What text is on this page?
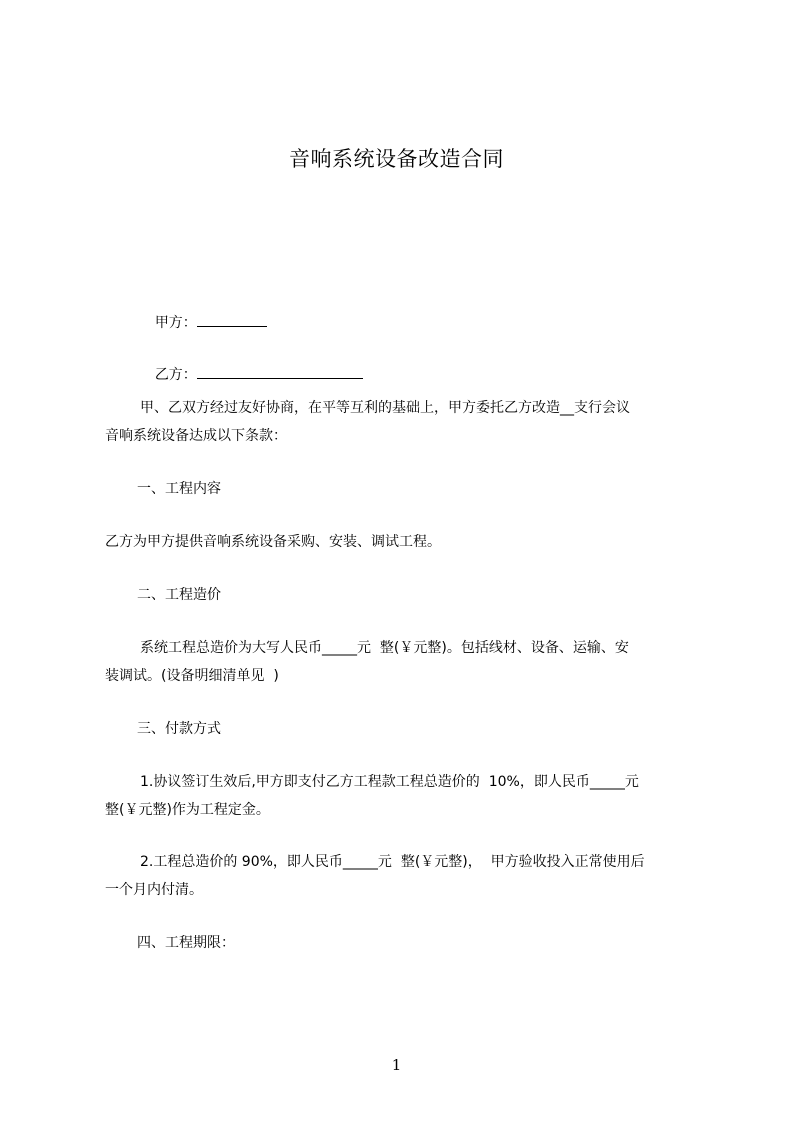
音响系统设备改造合同

甲方：

乙方：

甲、乙双方经过友好协商，在平等互利的基础上，甲方委托乙方改造__支行会议
音响系统设备达成以下条款：
一、工程内容
乙方为甲方提供音响系统设备采购、安装、调试工程。
二、工程造价
系统工程总造价为大写人民币_____元  整(￥元整)。包括线材、设备、运输、安
装调试。(设备明细清单见  )
三、付款方式
1.协议签订生效后,甲方即支付乙方工程款工程总造价的  10%，即人民币_____元
整(￥元整)作为工程定金。
2.工程总造价的 90%，即人民币_____元  整(￥元整)，  甲方验收投入正常使用后
一个月内付清。
四、工程期限：
1
